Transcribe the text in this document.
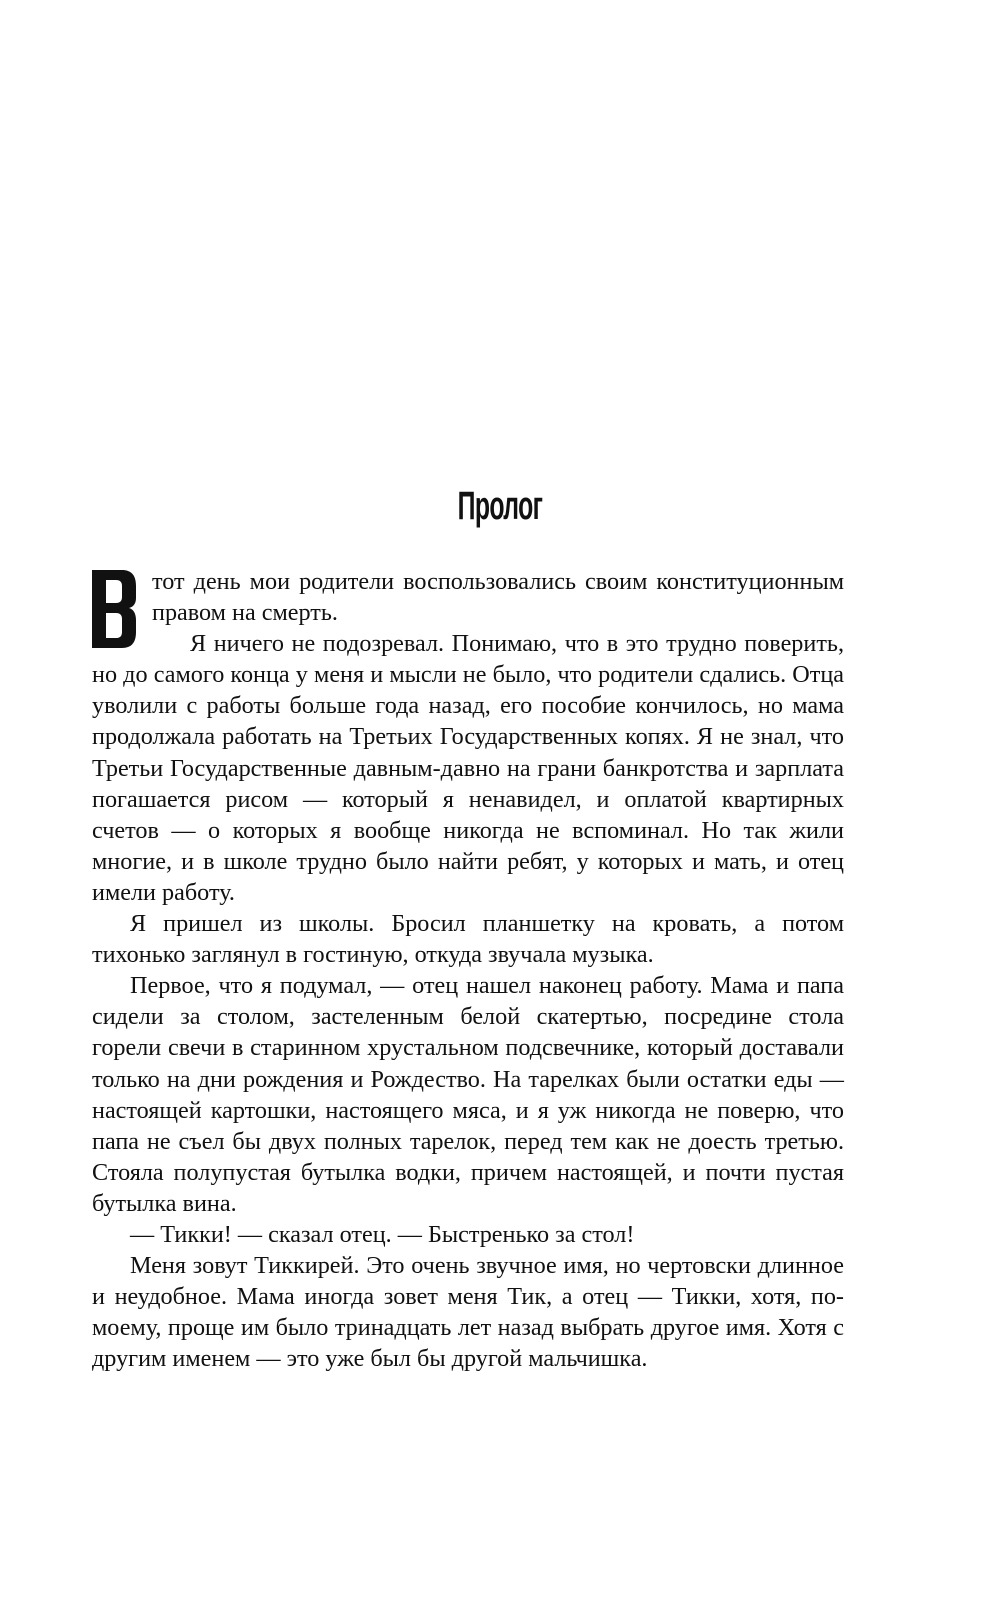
Пролог

тот день мои родители воспользовались своим конституционным правом на смерть.

Я ничего не подозревал. Понимаю, что в это трудно поверить, но до самого конца у меня и мысли не было, что родители сдались. Отца уволили с работы больше года назад, его пособие кончилось, но мама продолжала работать на Третьих Государственных копях. Я не знал, что Третьи Государственные давным-давно на грани банкротства и зарплата погашается рисом — который я ненавидел, и оплатой квартирных счетов — о которых я вообще никогда не вспоминал. Но так жили многие, и в школе трудно было найти ребят, у которых и мать, и отец имели работу.

Я пришел из школы. Бросил планшетку на кровать, а потом тихонько заглянул в гостиную, откуда звучала музыка.

Первое, что я подумал, — отец нашел наконец работу. Мама и папа сидели за столом, застеленным белой скатертью, посредине стола горели свечи в старинном хрустальном подсвечнике, который доставали только на дни рождения и Рождество. На тарелках были остатки еды — настоящей картошки, настоящего мяса, и я уж никогда не поверю, что папа не съел бы двух полных тарелок, перед тем как не доесть третью. Стояла полупустая бутылка водки, причем настоящей, и почти пустая бутылка вина.

— Тикки! — сказал отец. — Быстренько за стол!

Меня зовут Тиккирей. Это очень звучное имя, но чертовски длинное и неудобное. Мама иногда зовет меня Тик, а отец — Тикки, хотя, по-моему, проще им было тринадцать лет назад выбрать другое имя. Хотя с другим именем — это уже был бы другой мальчишка.
